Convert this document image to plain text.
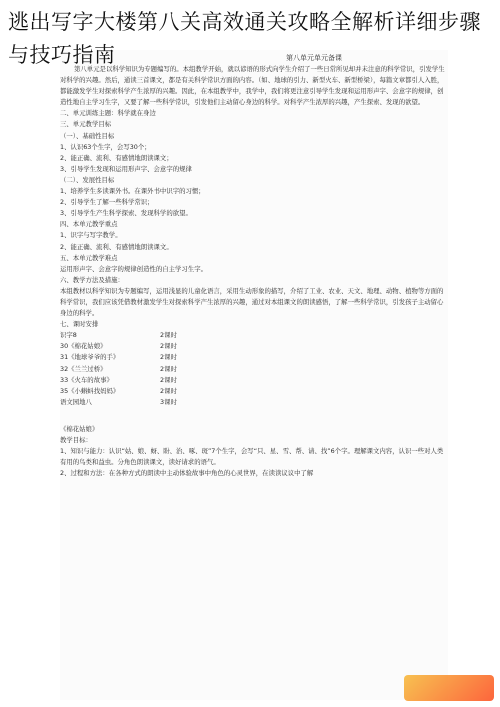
逃出写字大楼第八关高效通关攻略全解析详细步骤与技巧指南	第八单元单元备课
第八单元是以科学知识为专题编写的。本组教学开始，就以谚语的形式向学生介绍了一些日常所见却并未注意的科学常识，引发学生对科学的兴趣。然后，通读三首课文，都是有关科学常识方面的内容。（如、地球的引力、新型火车、新型桥梁），每篇文章都引人入胜，都能激发学生对探索科学产生浓厚的兴趣。因此，在本组教学中，我学中，我们将更注意引导学生发现和运用形声字、会意字的规律，创造性地自主学习生字，又要了解一些科学常识，引发他们主动留心身边的科学。对科学产生浓厚的兴趣，产生探索、发现的欲望。
二、单元训练主题：科学就在身边
三、单元教学目标
（一）、基础性目标
1、认识63个生字，会写30个；
2、能正确、流利、有感情地朗读课文；
3、引导学生发现和运用形声字、会意字的规律
（二）、发展性目标
1、培养学生多读课外书。在课外书中识字的习惯；
2、引导学生了解一些科学常识；
3、引导学生产生科学探索、发现科学的欲望。
四、本单元教学重点
1、识字与写字教学。
2、能正确、流利、有感情地朗读课文。
五、本单元教学难点
运用形声字、会意字的规律创造性的自主学习生字。
六、教学方法及措施：
本组教材以科学知识为专题编写，运用浅显的儿童化语言，采用生动形象的描写，介绍了工业、农业、天文、地理、动物、植物等方面的科学常识，我们应该凭借教材激发学生对探索科学产生浓厚的兴趣，通过对本组课文的朗读感悟，了解一些科学常识，引发孩子主动留心身边的科学。
七、课时安排
识字8	2课时
30《棉花姑娘》	2课时
31《地球爷爷的手》	2课时
32《兰兰过桥》	2课时
33《火车的故事》	2课时
35《小蝌蚪找妈妈》	2课时
语文园地八	3课时
《棉花姑娘》
教学目标：
1、知识与能力：认识“姑、娘、蚜、盼、治、啄、斑”7个生字，会写“只、星、雪、帮、请、找”6个字。理解课文内容，认识一些对人类有用的鸟类和益虫。分角色朗读课文，读好请求的语气。
2、过程和方法：在各种方式的朗读中主动体验故事中角色的心灵世界，在读读议议中了解
